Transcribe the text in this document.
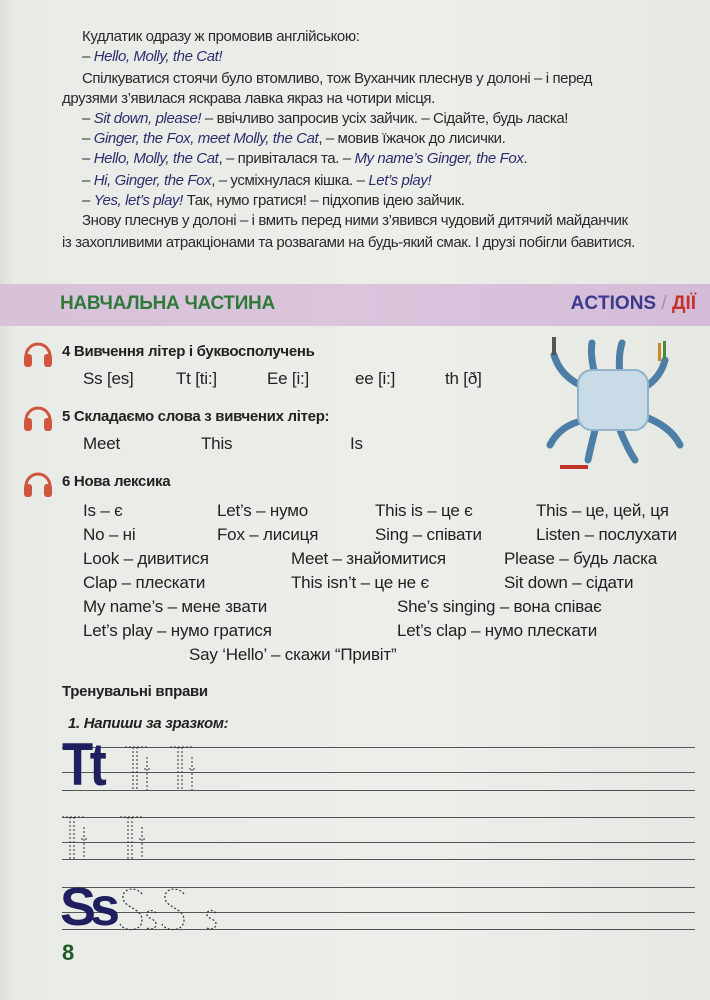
Кудлатик одразу ж промовив англійською:
– Hello, Molly, the Cat!
Спілкуватися стоячи було втомливо, тож Вуханчик плеснув у долоні – і перед
друзями з’явилася яскрава лавка якраз на чотири місця.
– Sit down, please! – ввічливо запросив усіх зайчик. – Сідайте, будь ласка!
– Ginger, the Fox, meet Molly, the Cat, – мовив їжачок до лисички.
– Hello, Molly, the Cat, – привіталася та. – My name’s Ginger, the Fox.
– Hi, Ginger, the Fox, – усміхнулася кішка. – Let’s play!
– Yes, let’s play! Так, нумо гратися! – підхопив ідею зайчик.
Знову плеснув у долоні – і вмить перед ними з’явився чудовий дитячий майданчик
із захопливими атракціонами та розвагами на будь-який смак. І друзі побігли бавитися.
НАВЧАЛЬНА ЧАСТИНА	ACTIONS / ДІЇ
4 Вивчення літер і буквосполучень
Ss [es] Tt [ti:]	Ee [i:]	ee [i:]	th [ð]
5 Складаємо слова з вивчених літер:
Meet	This	Is
6 Нова лексика
Is – є	Let’s – нумо	This is – це є	This – це, цей, ця
No – ні	Fox – лисиця	Sing – співати	Listen – послухати
Look – дивитися	Meet – знайомитися	Please – будь ласка
Clap – плескати	This isn’t – це не є	Sit down – сідати
My name’s – мене звати	She’s singing – вона співає
Let’s play – нумо гратися	Let’s clap – нумо плескати
Say ‘Hello’ – скажи “Привіт”
Тренувальні вправи
1. Напиши за зразком:
Tt
Ss
8
